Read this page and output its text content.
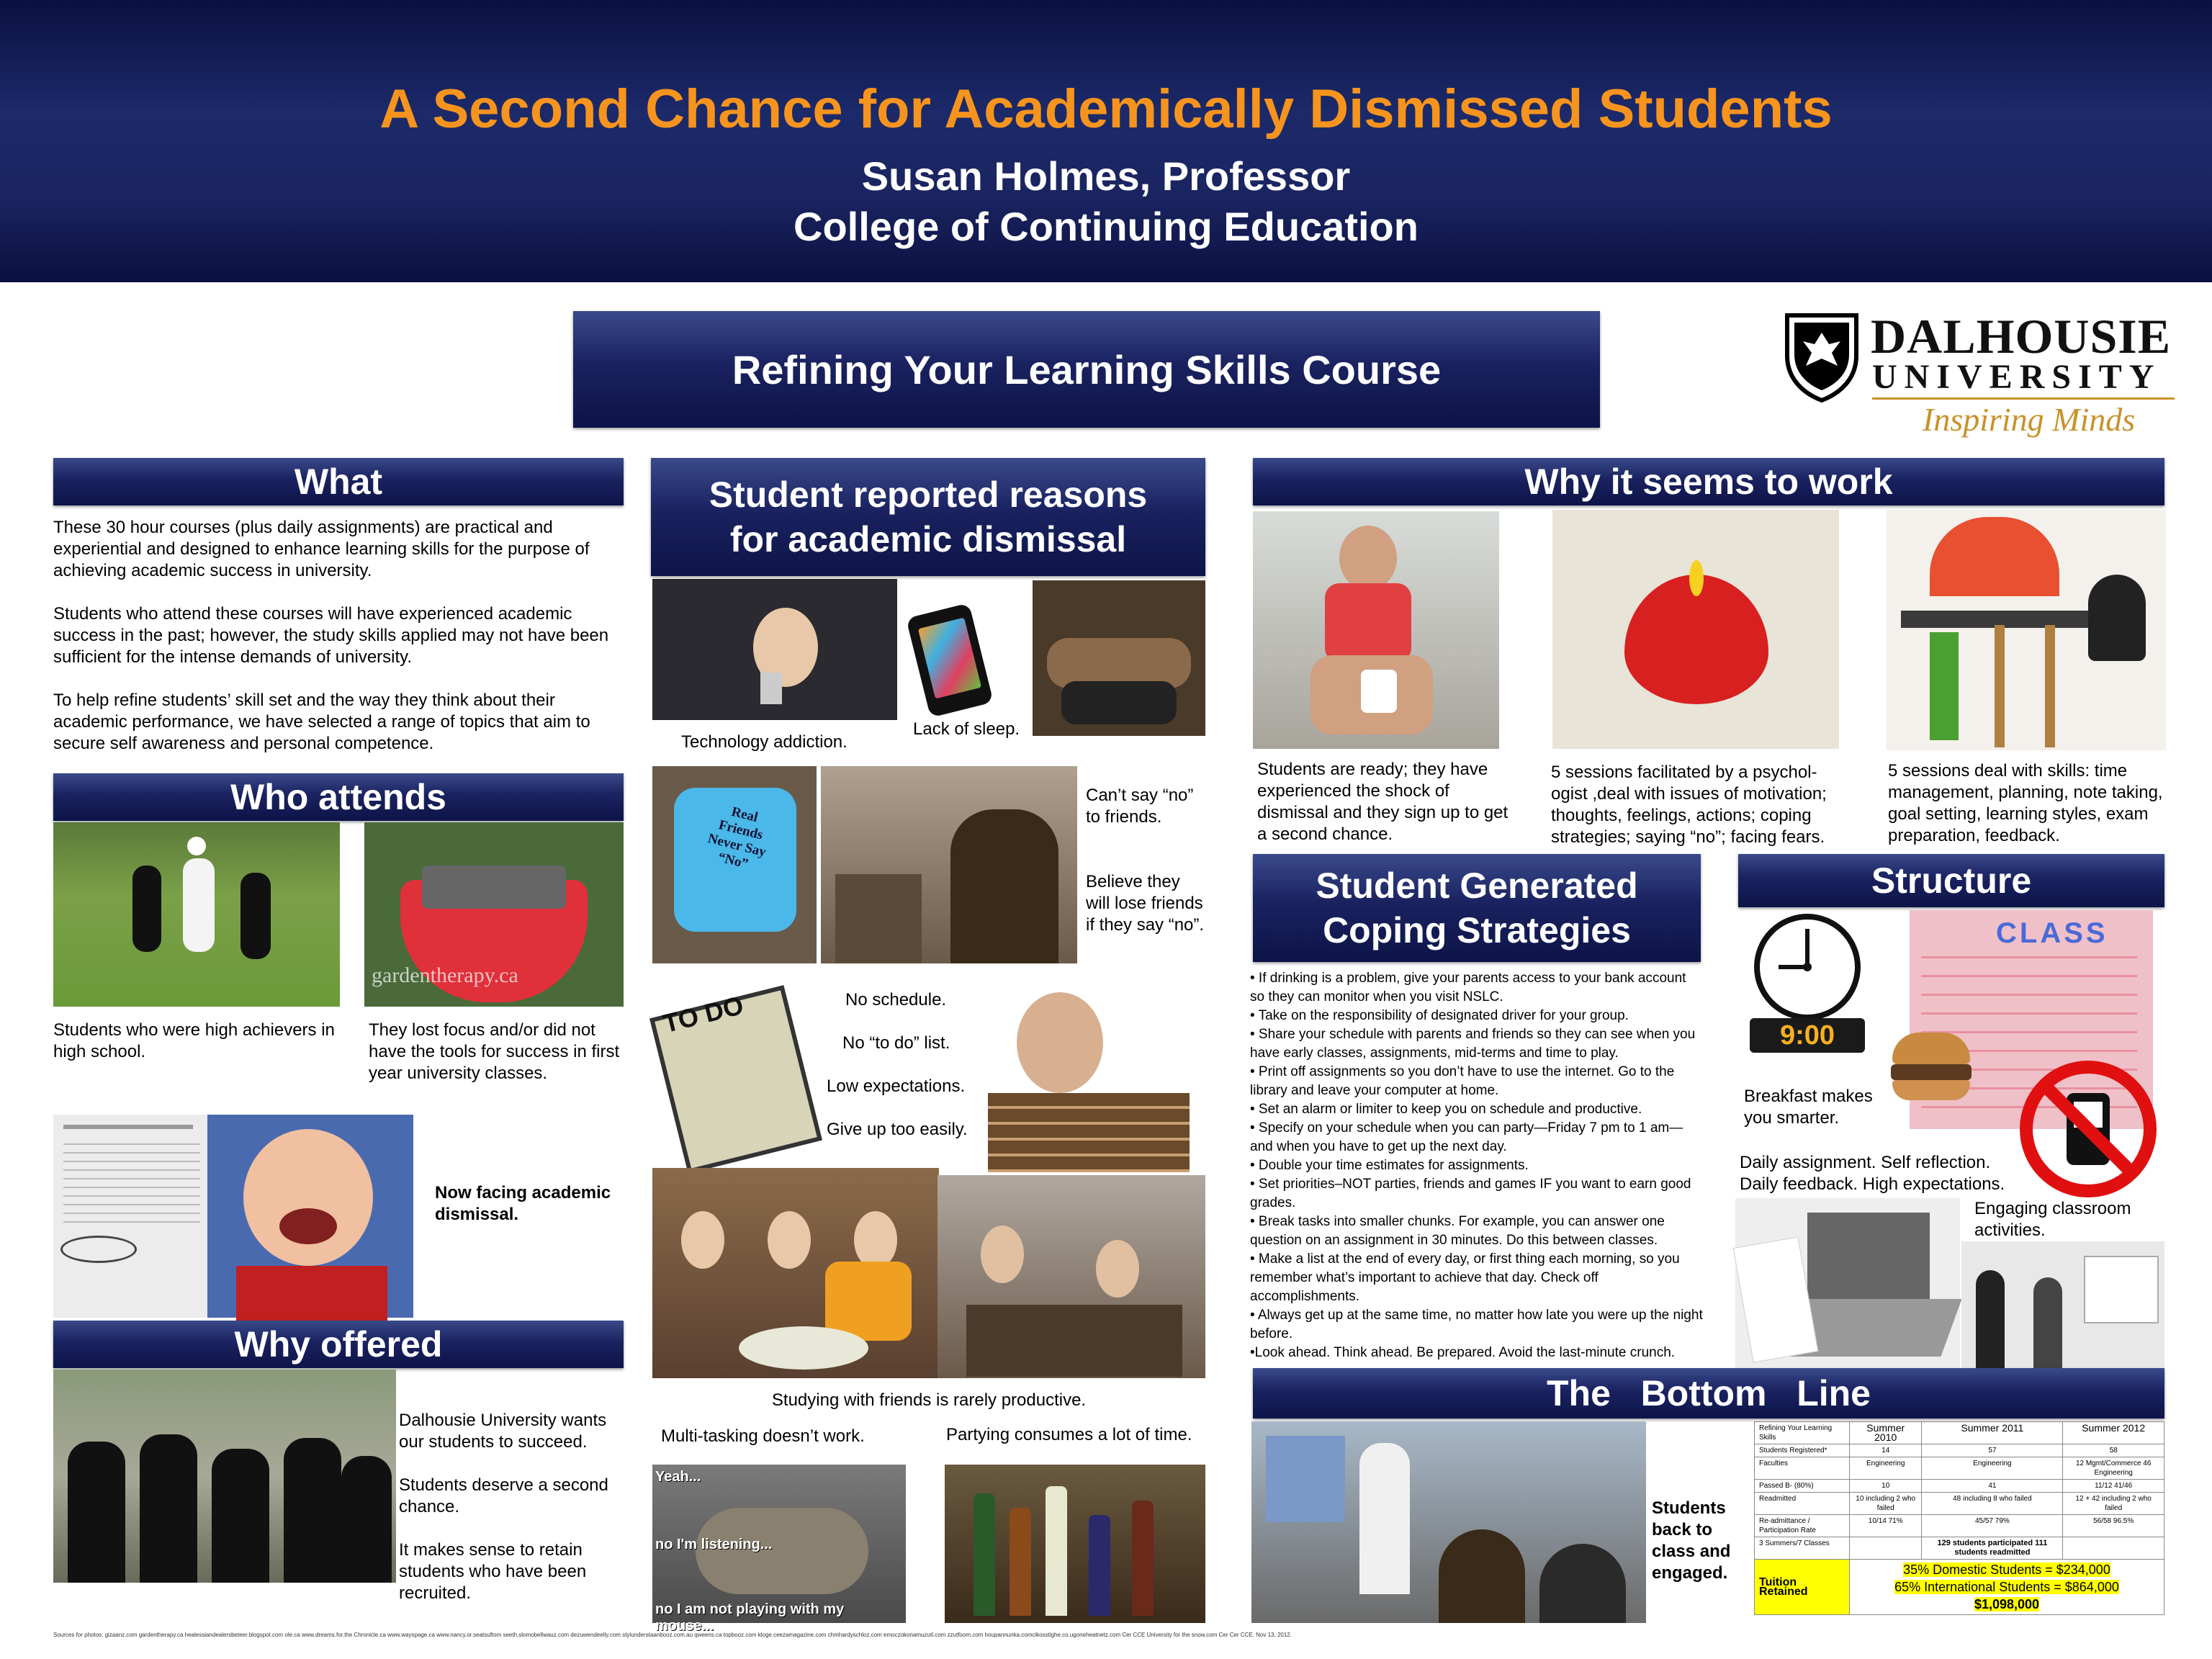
A Second Chance for Academically Dismissed Students
Susan Holmes, Professor
College of Continuing Education
Refining Your Learning Skills Course
DALHOUSIE
UNIVERSITY
Inspiring Minds
What
These 30 hour courses (plus daily assignments) are practical and experiential and designed to enhance learning skills for the purpose of achieving academic success in university.
Students who attend these courses will have experienced academic success in the past; however, the study skills applied may not have been sufficient for the intense demands of university.
To help refine students’ skill set and the way they think about their academic performance, we have selected a range of topics that aim to secure self awareness and personal competence.
Who attends
gardentherapy.ca
Students who were high achievers in high school.
They lost focus and/or did not have the tools for success in first year university classes.
Now facing academic dismissal.
Why offered
Dalhousie University wants our students to succeed.
Students deserve a second chance.
It makes sense to retain students who have been recruited.
Student reported reasons for academic dismissal
Technology addiction.
Lack of sleep.
Real Friends Never Say “No”
Can’t say “no” to friends.
Believe they will lose friends if they say “no”.
TO DO	No schedule.
No “to do” list.
Low expectations.
Give up too easily.
Studying with friends is rarely productive.
Multi-tasking doesn’t work.	Partying consumes a lot of time.
Yeah...
no I'm listening...
no I am not playing with my mouse...
Why it seems to work
Students are ready; they have experienced the shock of dismissal and they sign up to get a second chance.
5 sessions facilitated by a psychol-ogist ,deal with issues of motivation; thoughts, feelings, actions; coping strategies; saying “no”; facing fears.
5 sessions deal with skills: time management, planning, note taking, goal setting, learning styles, exam preparation, feedback.
Student Generated Coping Strategies
• If drinking is a problem, give your parents access to your bank account so they can monitor when you visit NSLC.
• Take on the responsibility of designated driver for your group.
• Share your schedule with parents and friends so they can see when you have early classes, assignments, mid-terms and time to play.
• Print off assignments so you don’t have to use the internet. Go to the library and leave your computer at home.
• Set an alarm or limiter to keep you on schedule and productive.
• Specify on your schedule when you can party—Friday 7 pm to 1 am—and when you have to get up the next day.
• Double your time estimates for assignments.
• Set priorities–NOT parties, friends and games IF you want to earn good grades.
• Break tasks into smaller chunks. For example, you can answer one question on an assignment in 30 minutes. Do this between classes.
• Make a list at the end of every day, or first thing each morning, so you remember what’s important to achieve that day. Check off accomplishments.
• Always get up at the same time, no matter how late you were up the night before.
•Look ahead. Think ahead. Be prepared. Avoid the last-minute crunch.
Structure
9:00
CLASS
Breakfast makes you smarter.
Daily assignment. Self reflection.
Daily feedback. High expectations.
Engaging classroom activities.
The   Bottom   Line
Students back to class and engaged.
Refining Your Learning Skills	Summer 2010	Summer 2011	Summer 2012
Students Registered*	14	57	58
Faculties	Engineering	Engineering	12 Mgmt/Commerce 46 Engineering
Passed B- (80%)	10	41	11/12 41/46
Readmitted	10 including 2 who failed	48 including 8 who failed	12 + 42 including 2 who failed
Re-admittance / Participation Rate	10/14 71%	45/57 79%	56/58 96.5%
3 Summers/7 Classes		129 students participated 111 students readmitted	
Tuition Retained	35% Domestic Students = $234,000
65% International Students = $864,000
$1,098,000		
Sources for photos: gizaanz.com gardentherapy.ca healessiandealersbeteer.blogspot.com ole.ca www.dreams.for.the Chronicle.ca www.wayspage.ca www.nancy.or.seatsuftom seeth.slomobellwauz.com dezuwendeelly.com stylunderstaanbooz.com.au qweens.ca topbooz.com kloge.ceezamagazine.com chmhardyschloz.com emoczokonamuzutl.com zzutfoom.com houpannunka.comcikosstighe.co.ugoneheatnetz.com Cer CCE University for the snow.com Cer Cer CCE. Nov 13, 2012.
